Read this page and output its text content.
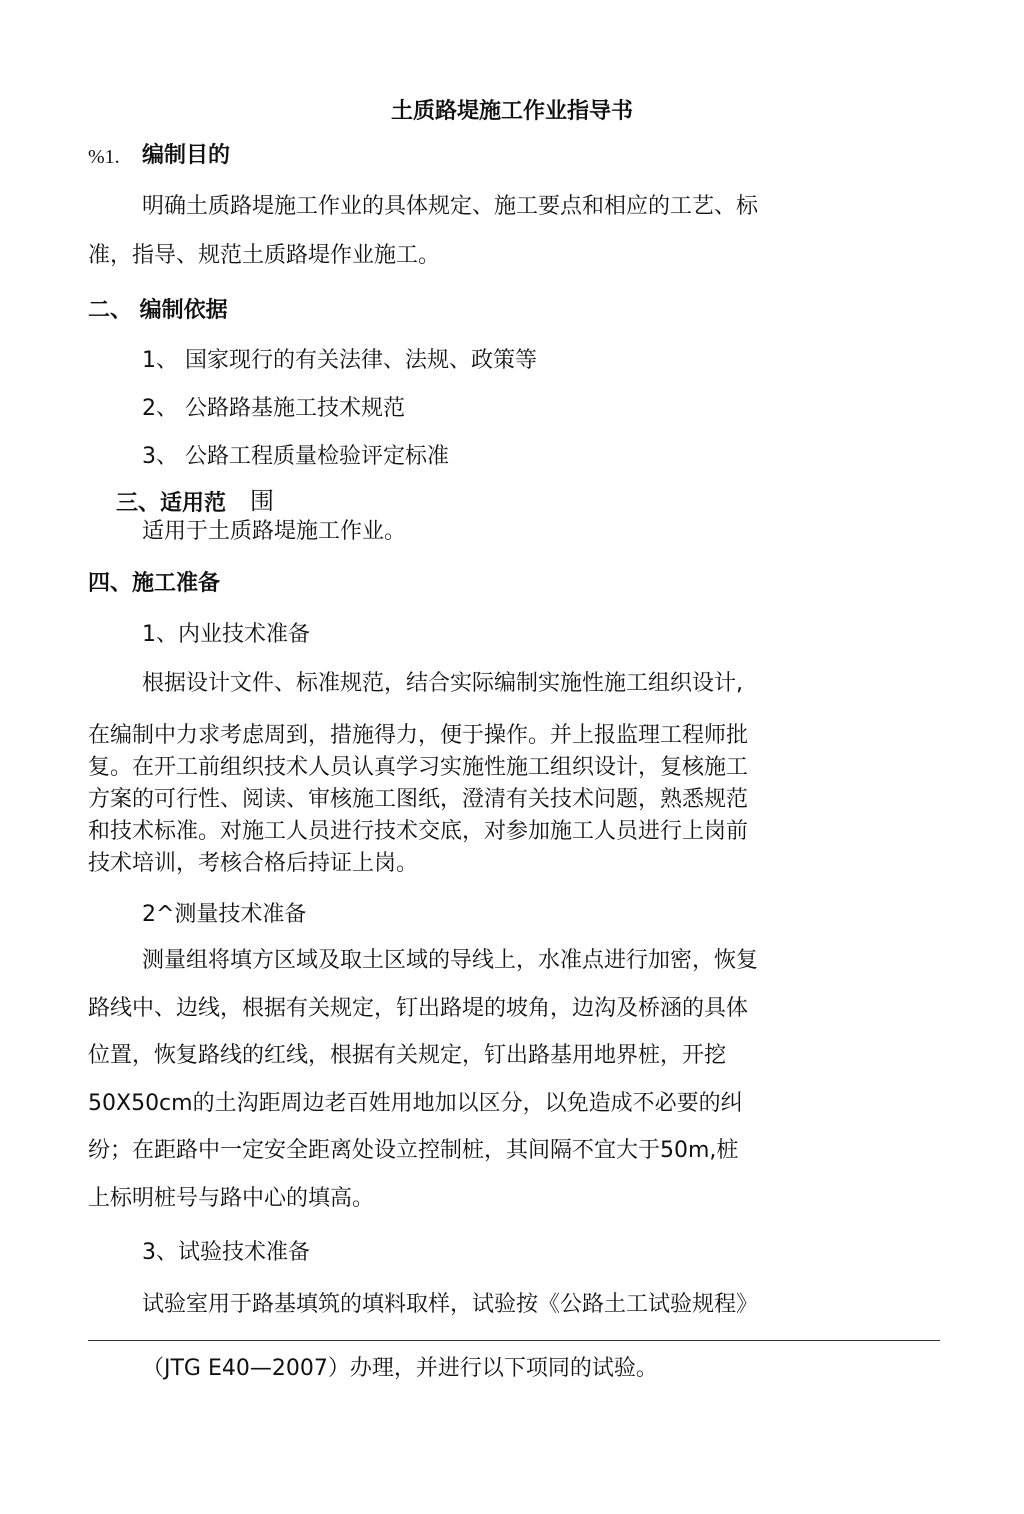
土质路堤施工作业指导书
%1. 编制目的
明确土质路堤施工作业的具体规定、施工要点和相应的工艺、标
准，指导、规范土质路堤作业施工。
二、 编制依据
1、 国家现行的有关法律、法规、政策等
2、 公路路基施工技术规范
3、 公路工程质量检验评定标准
三、适用范 围
适用于土质路堤施工作业。
四、施工准备
1、内业技术准备
根据设计文件、标准规范，结合实际编制实施性施工组织设计,
在编制中力求考虑周到，措施得力，便于操作。并上报监理工程师批
复。在开工前组织技术人员认真学习实施性施工组织设计，复核施工
方案的可行性、阅读、审核施工图纸，澄清有关技术问题，熟悉规范
和技术标准。对施工人员进行技术交底，对参加施工人员进行上岗前
技术培训，考核合格后持证上岗。
2^测量技术准备
测量组将填方区域及取土区域的导线上，水准点进行加密，恢复
路线中、边线，根据有关规定，钉出路堤的坡角，边沟及桥涵的具体
位置，恢复路线的红线，根据有关规定，钉出路基用地界桩，开挖
50X50cm的土沟距周边老百姓用地加以区分，以免造成不必要的纠
纷；在距路中一定安全距离处设立控制桩，其间隔不宜大于50m,桩
上标明桩号与路中心的填高。
3、试验技术准备
试验室用于路基填筑的填料取样，试验按《公路土工试验规程》
（JTG E40—2007）办理，并进行以下项同的试验。
